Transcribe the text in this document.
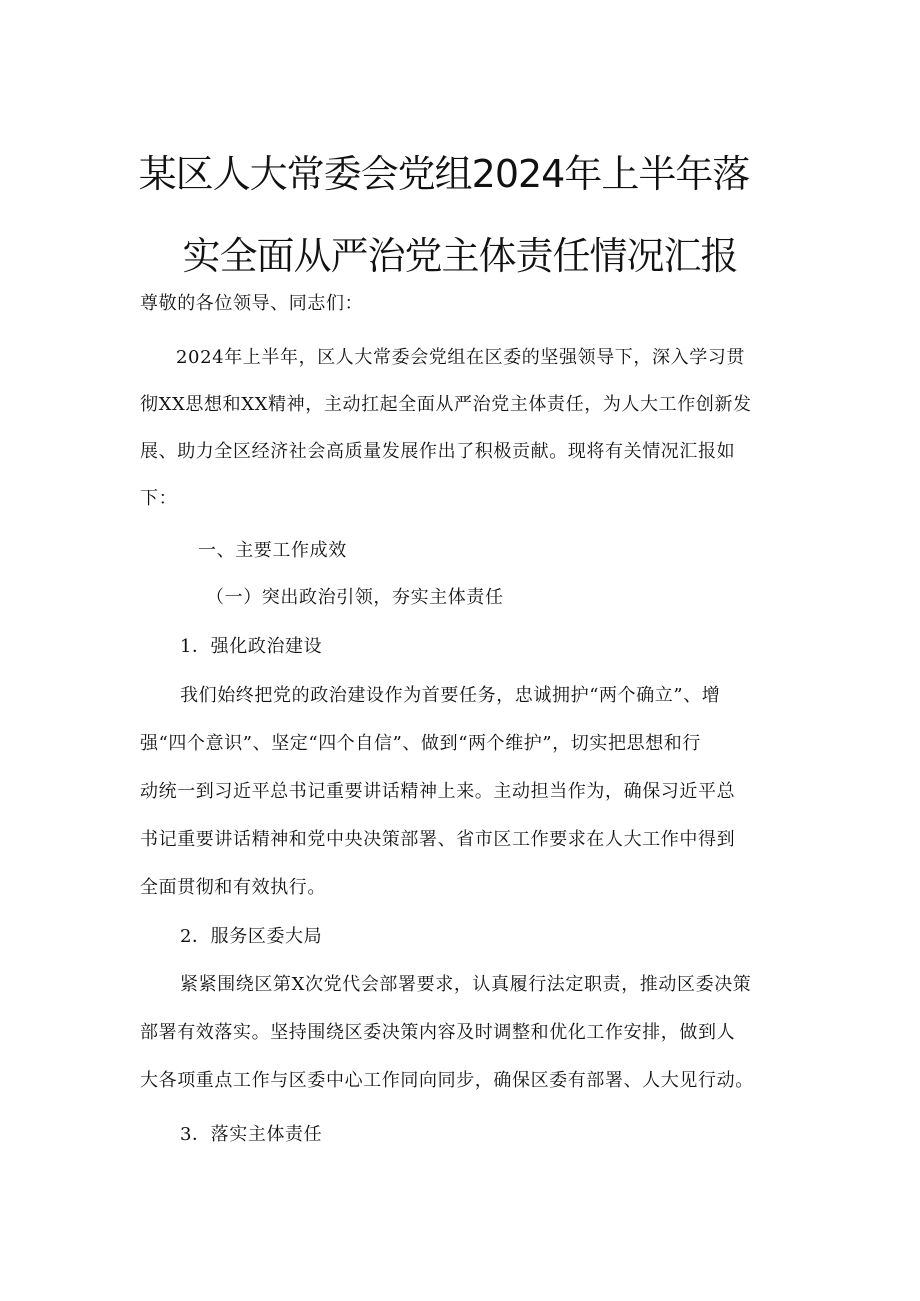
某区人大常委会党组2024年上半年落
实全面从严治党主体责任情况汇报
尊敬的各位领导、同志们：
2024年上半年，区人大常委会党组在区委的坚强领导下，深入学习贯
彻XX思想和XX精神，主动扛起全面从严治党主体责任，为人大工作创新发
展、助力全区经济社会高质量发展作出了积极贡献。现将有关情况汇报如
下：
一、主要工作成效
（一）突出政治引领，夯实主体责任
1．强化政治建设
我们始终把党的政治建设作为首要任务，忠诚拥护“两个确立”、增
强“四个意识”、坚定“四个自信”、做到“两个维护”，切实把思想和行
动统一到习近平总书记重要讲话精神上来。主动担当作为，确保习近平总
书记重要讲话精神和党中央决策部署、省市区工作要求在人大工作中得到
全面贯彻和有效执行。
2．服务区委大局
紧紧围绕区第X次党代会部署要求，认真履行法定职责，推动区委决策
部署有效落实。坚持围绕区委决策内容及时调整和优化工作安排，做到人
大各项重点工作与区委中心工作同向同步，确保区委有部署、人大见行动。
3．落实主体责任
